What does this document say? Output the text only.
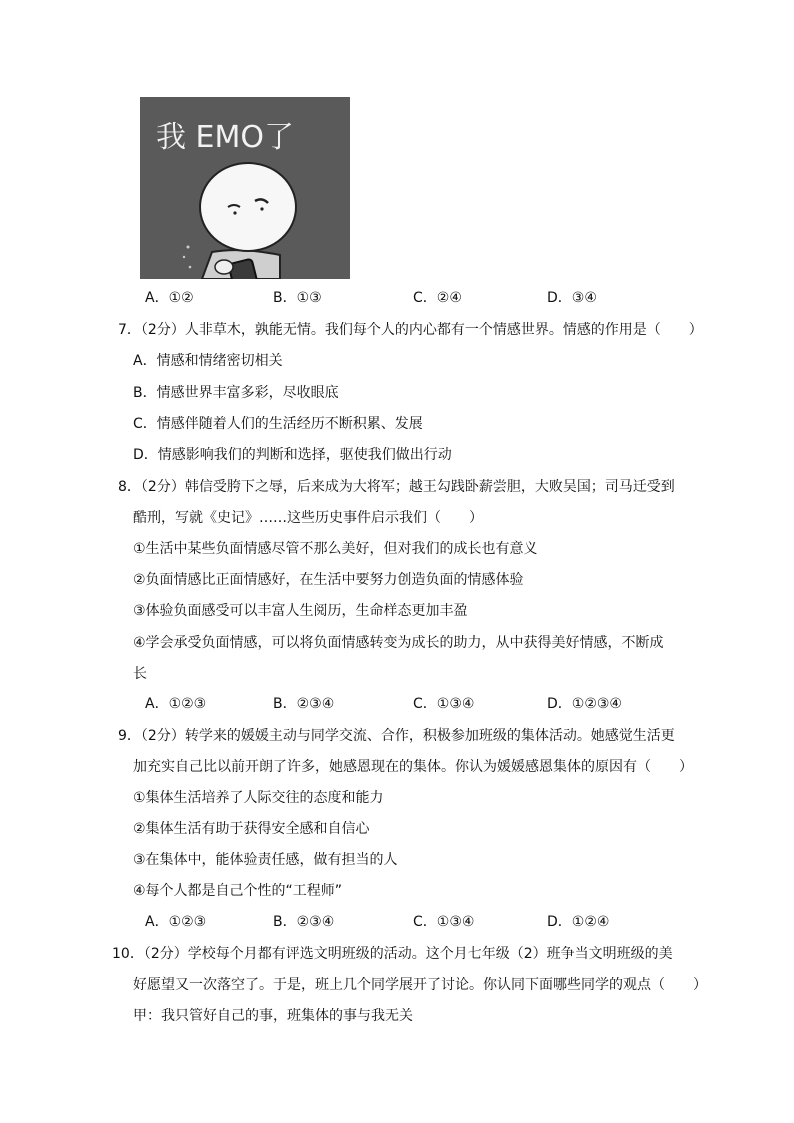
我 EMO了
A．①②	B．①③	C．②④	D．③④
7．（2分）人非草木，孰能无情。我们每个人的内心都有一个情感世界。情感的作用是（　　）
A．情感和情绪密切相关
B．情感世界丰富多彩，尽收眼底
C．情感伴随着人们的生活经历不断积累、发展
D．情感影响我们的判断和选择，驱使我们做出行动
8．（2分）韩信受胯下之辱，后来成为大将军；越王勾践卧薪尝胆，大败吴国；司马迁受到
酷刑，写就《史记》……这些历史事件启示我们（　　）
①生活中某些负面情感尽管不那么美好，但对我们的成长也有意义
②负面情感比正面情感好，在生活中要努力创造负面的情感体验
③体验负面感受可以丰富人生阅历，生命样态更加丰盈
④学会承受负面情感，可以将负面情感转变为成长的助力，从中获得美好情感，不断成
长
A．①②③	B．②③④	C．①③④	D．①②③④
9．（2分）转学来的媛媛主动与同学交流、合作，积极参加班级的集体活动。她感觉生活更
加充实自己比以前开朗了许多，她感恩现在的集体。你认为媛媛感恩集体的原因有（　　）
①集体生活培养了人际交往的态度和能力
②集体生活有助于获得安全感和自信心
③在集体中，能体验责任感，做有担当的人
④每个人都是自己个性的“工程师”
A．①②③	B．②③④	C．①③④	D．①②④
10．（2分）学校每个月都有评选文明班级的活动。这个月七年级（2）班争当文明班级的美
好愿望又一次落空了。于是，班上几个同学展开了讨论。你认同下面哪些同学的观点（　　）
甲：我只管好自己的事，班集体的事与我无关
